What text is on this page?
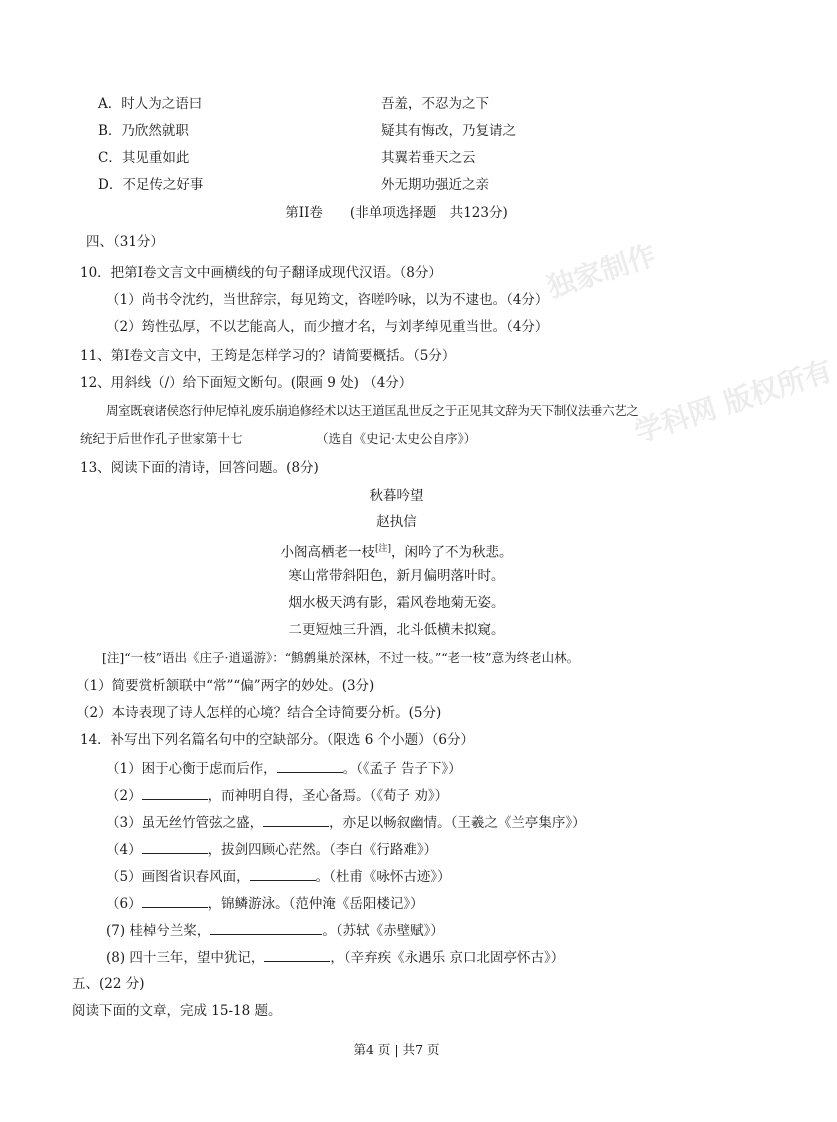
独家制作
学科网 版权所有
A．时人为之语曰	吾羞，不忍为之下
B．乃欣然就职	疑其有悔改，乃复请之
C．其见重如此	其翼若垂天之云
D．不足传之好事	外无期功强近之亲
第II卷　　(非单项选择题　共123分)
四、（31分）
10．把第Ⅰ卷文言文中画横线的句子翻译成现代汉语。（8分）
（1）尚书令沈约，当世辞宗，每见筠文，咨嗟吟咏，以为不逮也。（4分）
（2）筠性弘厚，不以艺能高人，而少擅才名，与刘孝绰见重当世。（4分）
11、第Ⅰ卷文言文中，王筠是怎样学习的？请简要概括。（5分）
12、用斜线（/）给下面短文断句。(限画 9 处) （4分）
周室既衰诸侯恣行仲尼悼礼废乐崩追修经术以达王道匡乱世反之于正见其文辞为天下制仪法垂六艺之
统纪于后世作孔子世家第十七	（选自《史记·太史公自序》）
13、阅读下面的清诗，回答问题。(8分)
秋暮吟望
赵执信
小阁高栖老一枝[注]，闲吟了不为秋悲。
寒山常带斜阳色，新月偏明落叶时。
烟水极天鸿有影，霜风卷地菊无姿。
二更短烛三升酒，北斗低横未拟窥。
[注]“一枝”语出《庄子·逍遥游》：“鹪鹩巢於深林，不过一枝。”“老一枝”意为终老山林。
（1）简要赏析颔联中“常”“偏”两字的妙处。(3分)
（2）本诗表现了诗人怎样的心境？结合全诗简要分析。(5分)
14．补写出下列名篇名句中的空缺部分。（限选 6 个小题）（6分）
（1）困于心衡于虑而后作，	。（《孟子 告子下》）
（2）	，而神明自得，圣心备焉。（《荀子 劝》）
（3）虽无丝竹管弦之盛，	，亦足以畅叙幽情。（王羲之《兰亭集序》）
（4）	，拔剑四顾心茫然。（李白《行路难》）
（5）画图省识春风面，	。（杜甫《咏怀古迹》）
（6）	，锦鳞游泳。（范仲淹《岳阳楼记》）
(7) 桂棹兮兰桨，	。（苏轼《赤壁赋》）
(8) 四十三年，望中犹记，	，（辛弃疾《永遇乐 京口北固亭怀古》）
五、(22 分)
阅读下面的文章，完成 15-18 题。
第4 页 | 共7 页
